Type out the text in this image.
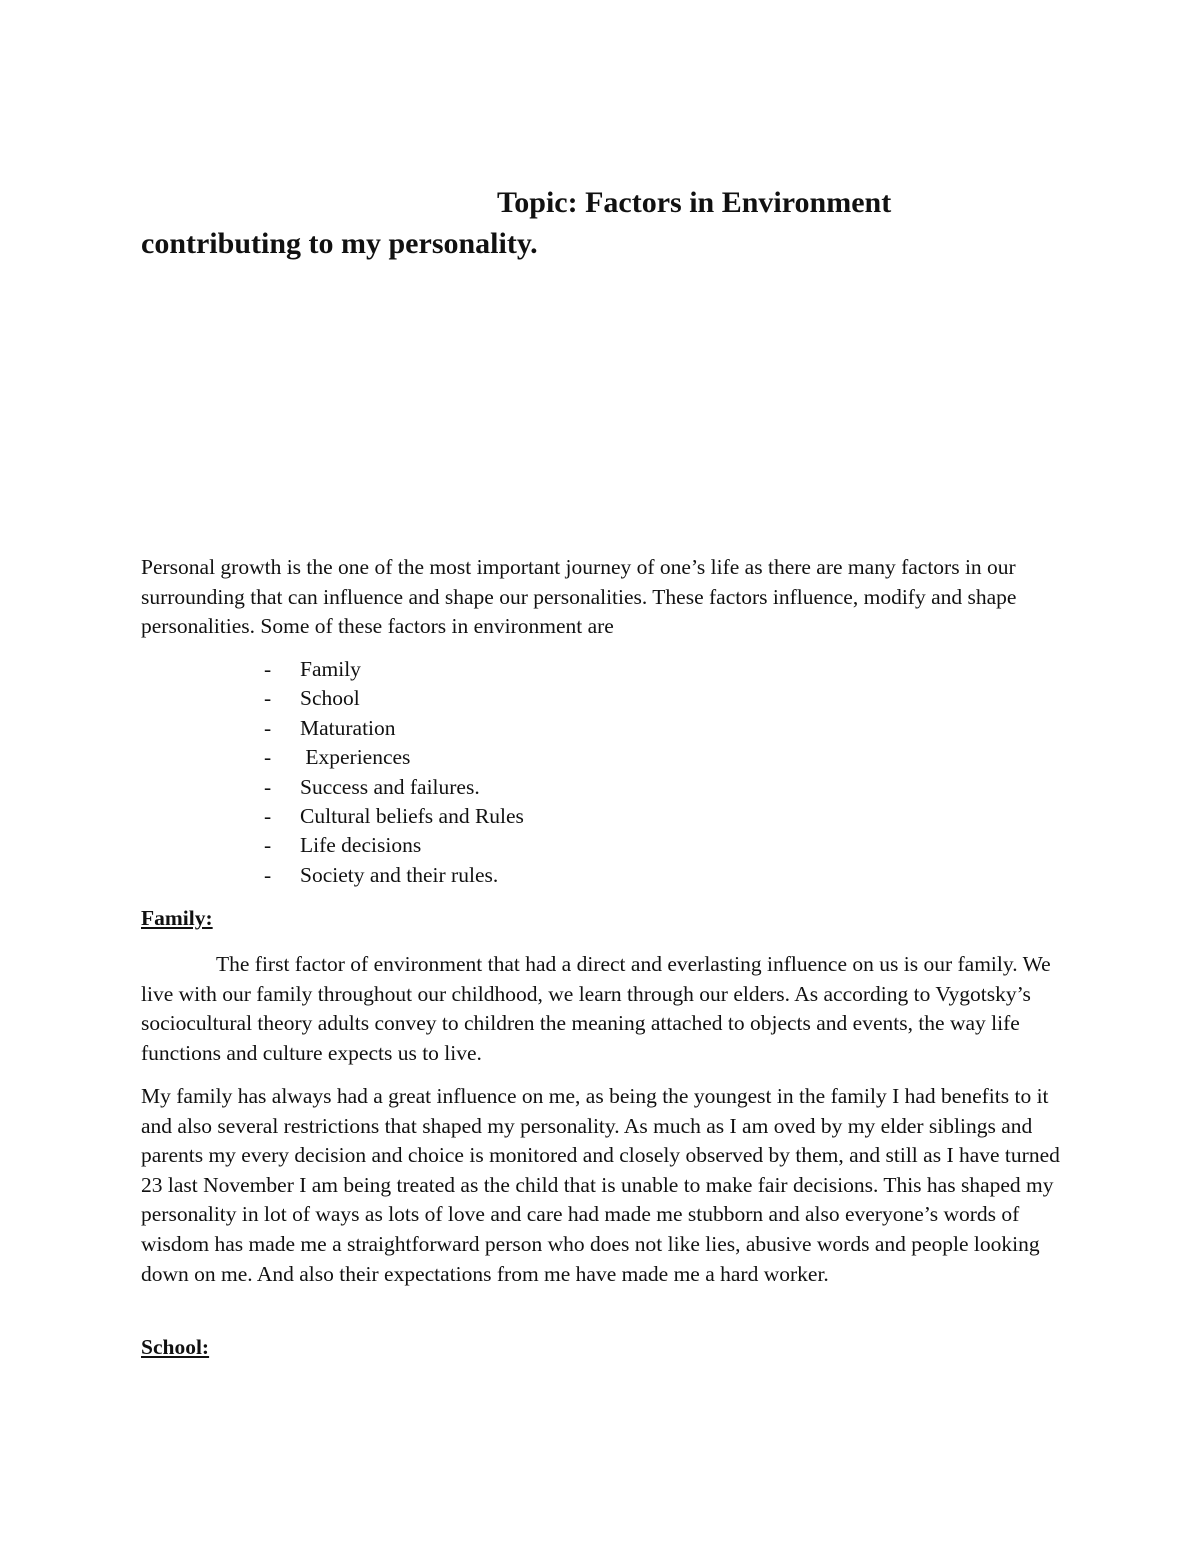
Topic: Factors in Environment
contributing to my personality.

Personal growth is the one of the most important journey of one’s life as there are many factors in our surrounding that can influence and shape our personalities. These factors influence, modify and shape personalities. Some of these factors in environment are

- Family
- School
- Maturation
- Experiences
- Success and failures.
- Cultural beliefs and Rules
- Life decisions
- Society and their rules.
Family:

The first factor of environment that had a direct and everlasting influence on us is our family. We live with our family throughout our childhood, we learn through our elders. As according to Vygotsky’s sociocultural theory adults convey to children the meaning attached to objects and events, the way life functions and culture expects us to live.

My family has always had a great influence on me, as being the youngest in the family I had benefits to it and also several restrictions that shaped my personality. As much as I am oved by my elder siblings and parents my every decision and choice is monitored and closely observed by them, and still as I have turned 23 last November I am being treated as the child that is unable to make fair decisions. This has shaped my personality in lot of ways as lots of love and care had made me stubborn and also everyone’s words of wisdom has made me a straightforward person who does not like lies, abusive words and people looking down on me. And also their expectations from me have made me a hard worker.

School:
